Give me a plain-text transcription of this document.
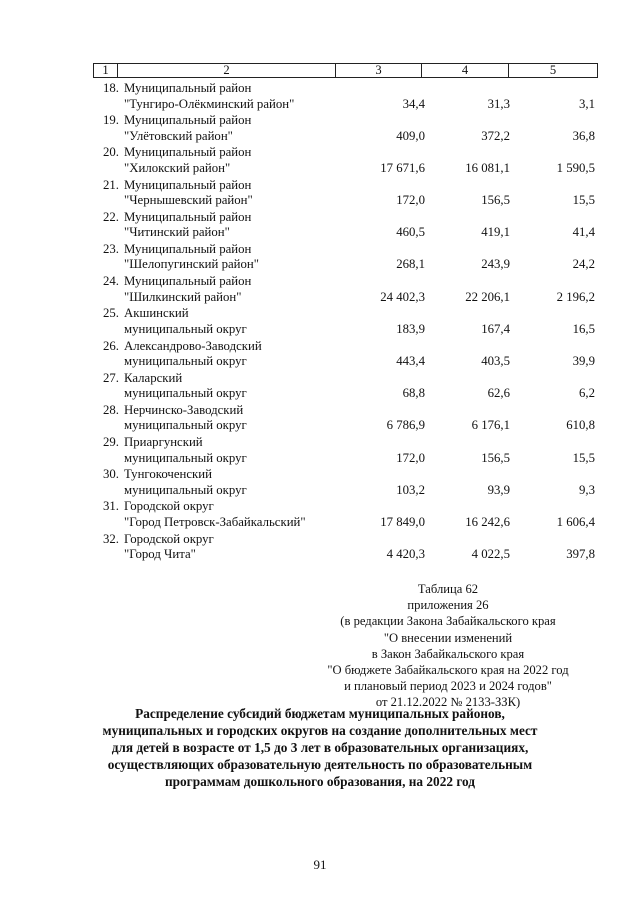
1	2	3	4	5
18. Муниципальный район
"Тунгиро-Олёкминский район"	34,4	31,3	3,1
19. Муниципальный район
"Улётовский район"	409,0	372,2	36,8
20. Муниципальный район
"Хилокский район"	17 671,6	16 081,1	1 590,5
21. Муниципальный район
"Чернышевский район"	172,0	156,5	15,5
22. Муниципальный район
"Читинский район"	460,5	419,1	41,4
23. Муниципальный район
"Шелопугинский район"	268,1	243,9	24,2
24. Муниципальный район
"Шилкинский район"	24 402,3	22 206,1	2 196,2
25. Акшинский
муниципальный округ	183,9	167,4	16,5
26. Александрово-Заводский
муниципальный округ	443,4	403,5	39,9
27. Каларский
муниципальный округ	68,8	62,6	6,2
28. Нерчинско-Заводский
муниципальный округ	6 786,9	6 176,1	610,8
29. Приаргунский
муниципальный округ	172,0	156,5	15,5
30. Тунгокоченский
муниципальный округ	103,2	93,9	9,3
31. Городской округ
"Город Петровск-Забайкальский"	17 849,0	16 242,6	1 606,4
32. Городской округ
"Город Чита"	4 420,3	4 022,5	397,8
Таблица 62
приложения 26
(в редакции Закона Забайкальского края
"О внесении изменений
в Закон Забайкальского края
"О бюджете Забайкальского края на 2022 год
и плановый период 2023 и 2024 годов"
от 21.12.2022 № 2133-ЗЗК)
Распределение субсидий бюджетам муниципальных районов,
муниципальных и городских округов на создание дополнительных мест
для детей в возрасте от 1,5 до 3 лет в образовательных организациях,
осуществляющих образовательную деятельность по образовательным
программам дошкольного образования, на 2022 год
91
